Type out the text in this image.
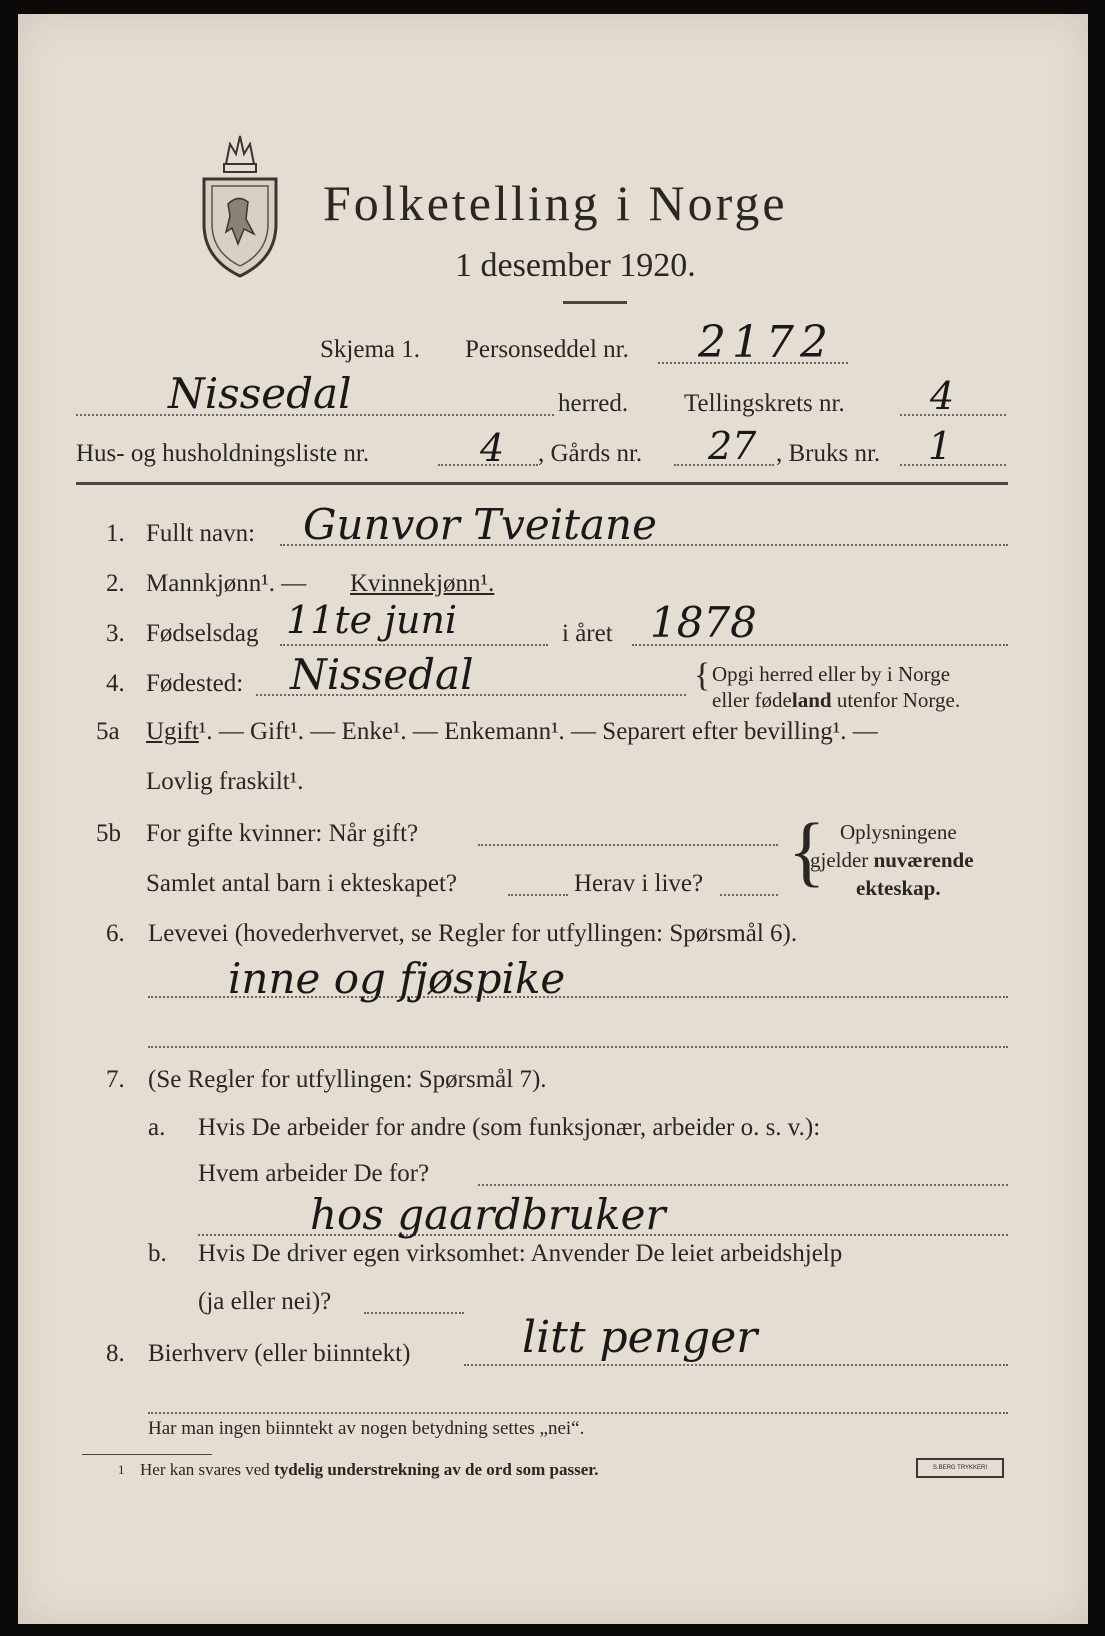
Folketelling i Norge
1 desember 1920.
Skjema 1. Personseddel nr. 2172
Nissedal	herred. Tellingskrets nr. 4
Hus- og husholdningsliste nr.	4 , Gårds nr. 27 , Bruks nr. 1
1. Fullt navn: Gunvor Tveitane
2. Mannkjønn¹. — Kvinnekjønn¹.
3. Fødselsdag 11te juni	i året 1878
4. Fødested: Nissedal	{ Opgi herred eller by i Norge
eller fødeland utenfor Norge.
5a Ugift¹. — Gift¹. — Enke¹. — Enkemann¹. — Separert efter bevilling¹. —
Lovlig fraskilt¹.
5b For gifte kvinner: Når gift?
Samlet antal barn i ekteskapet?	Herav i live? { Oplysningene
gjelder nuværende
ekteskap.
6. Levevei (hovederhvervet, se Regler for utfyllingen: Spørsmål 6).
inne og fjøspike
7. (Se Regler for utfyllingen: Spørsmål 7).
a. Hvis De arbeider for andre (som funksjonær, arbeider o. s. v.):
Hvem arbeider De for?
hos gaardbruker
b. Hvis De driver egen virksomhet: Anvender De leiet arbeidshjelp
(ja eller nei)?
8. Bierhverv (eller biinntekt)	litt penger
Har man ingen biinntekt av nogen betydning settes „nei“.
1 Her kan svares ved tydelig understrekning av de ord som passer.	S.BERG TRYKKERI
